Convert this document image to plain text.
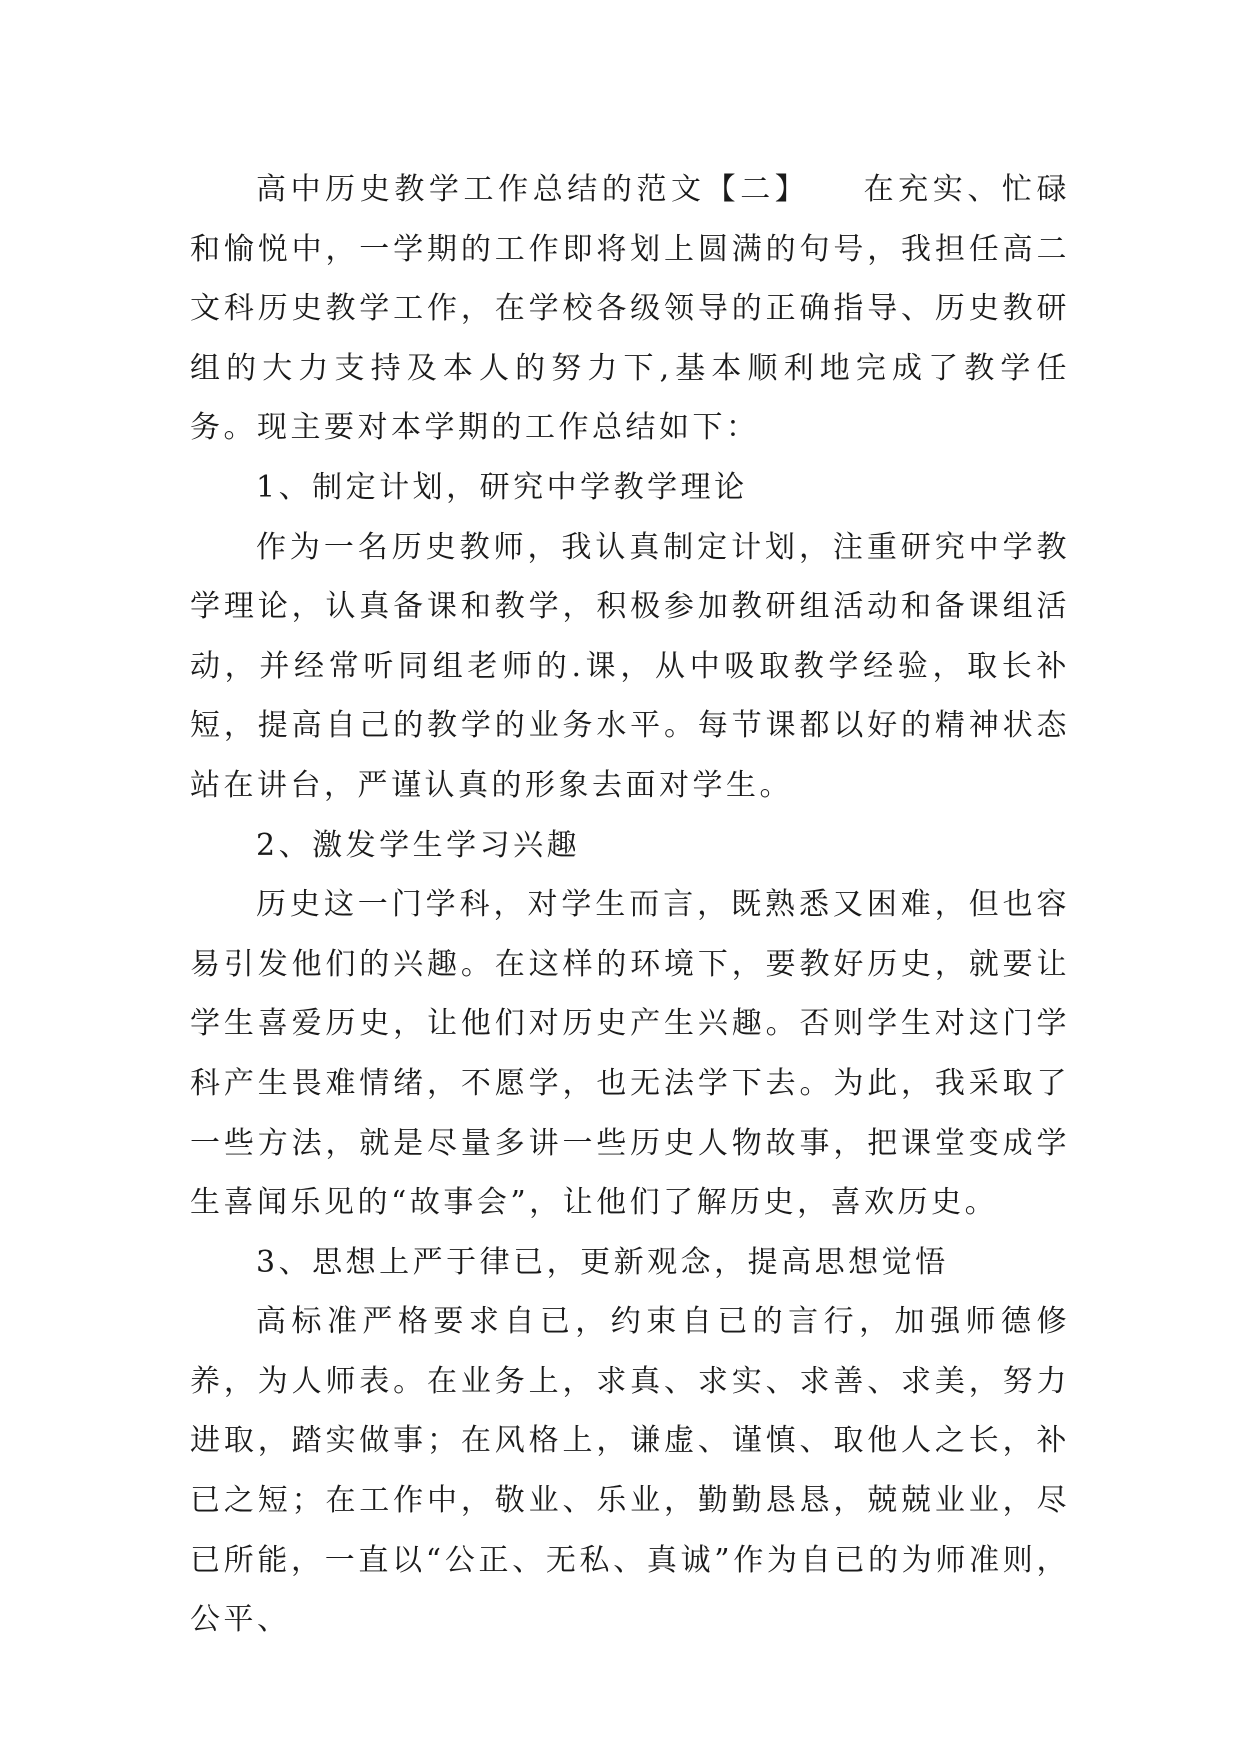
高中历史教学工作总结的范文【二】　　在充实、忙碌和愉悦中，一学期的工作即将划上圆满的句号，我担任高二文科历史教学工作，在学校各级领导的正确指导、历史教研组的大力支持及本人的努力下,基本顺利地完成了教学任务。现主要对本学期的工作总结如下：

1、制定计划，研究中学教学理论

作为一名历史教师，我认真制定计划，注重研究中学教学理论，认真备课和教学，积极参加教研组活动和备课组活动，并经常听同组老师的.课，从中吸取教学经验，取长补短，提高自己的教学的业务水平。每节课都以好的精神状态站在讲台，严谨认真的形象去面对学生。

2、激发学生学习兴趣

历史这一门学科，对学生而言，既熟悉又困难，但也容易引发他们的兴趣。在这样的环境下，要教好历史，就要让学生喜爱历史，让他们对历史产生兴趣。否则学生对这门学科产生畏难情绪，不愿学，也无法学下去。为此，我采取了一些方法，就是尽量多讲一些历史人物故事，把课堂变成学生喜闻乐见的“故事会”，让他们了解历史，喜欢历史。

3、思想上严于律已，更新观念，提高思想觉悟

高标准严格要求自已，约束自已的言行，加强师德修养，为人师表。在业务上，求真、求实、求善、求美，努力进取，踏实做事；在风格上，谦虚、谨慎、取他人之长，补已之短；在工作中，敬业、乐业，勤勤恳恳，兢兢业业，尽已所能，一直以“公正、无私、真诚”作为自已的为师准则，公平、
